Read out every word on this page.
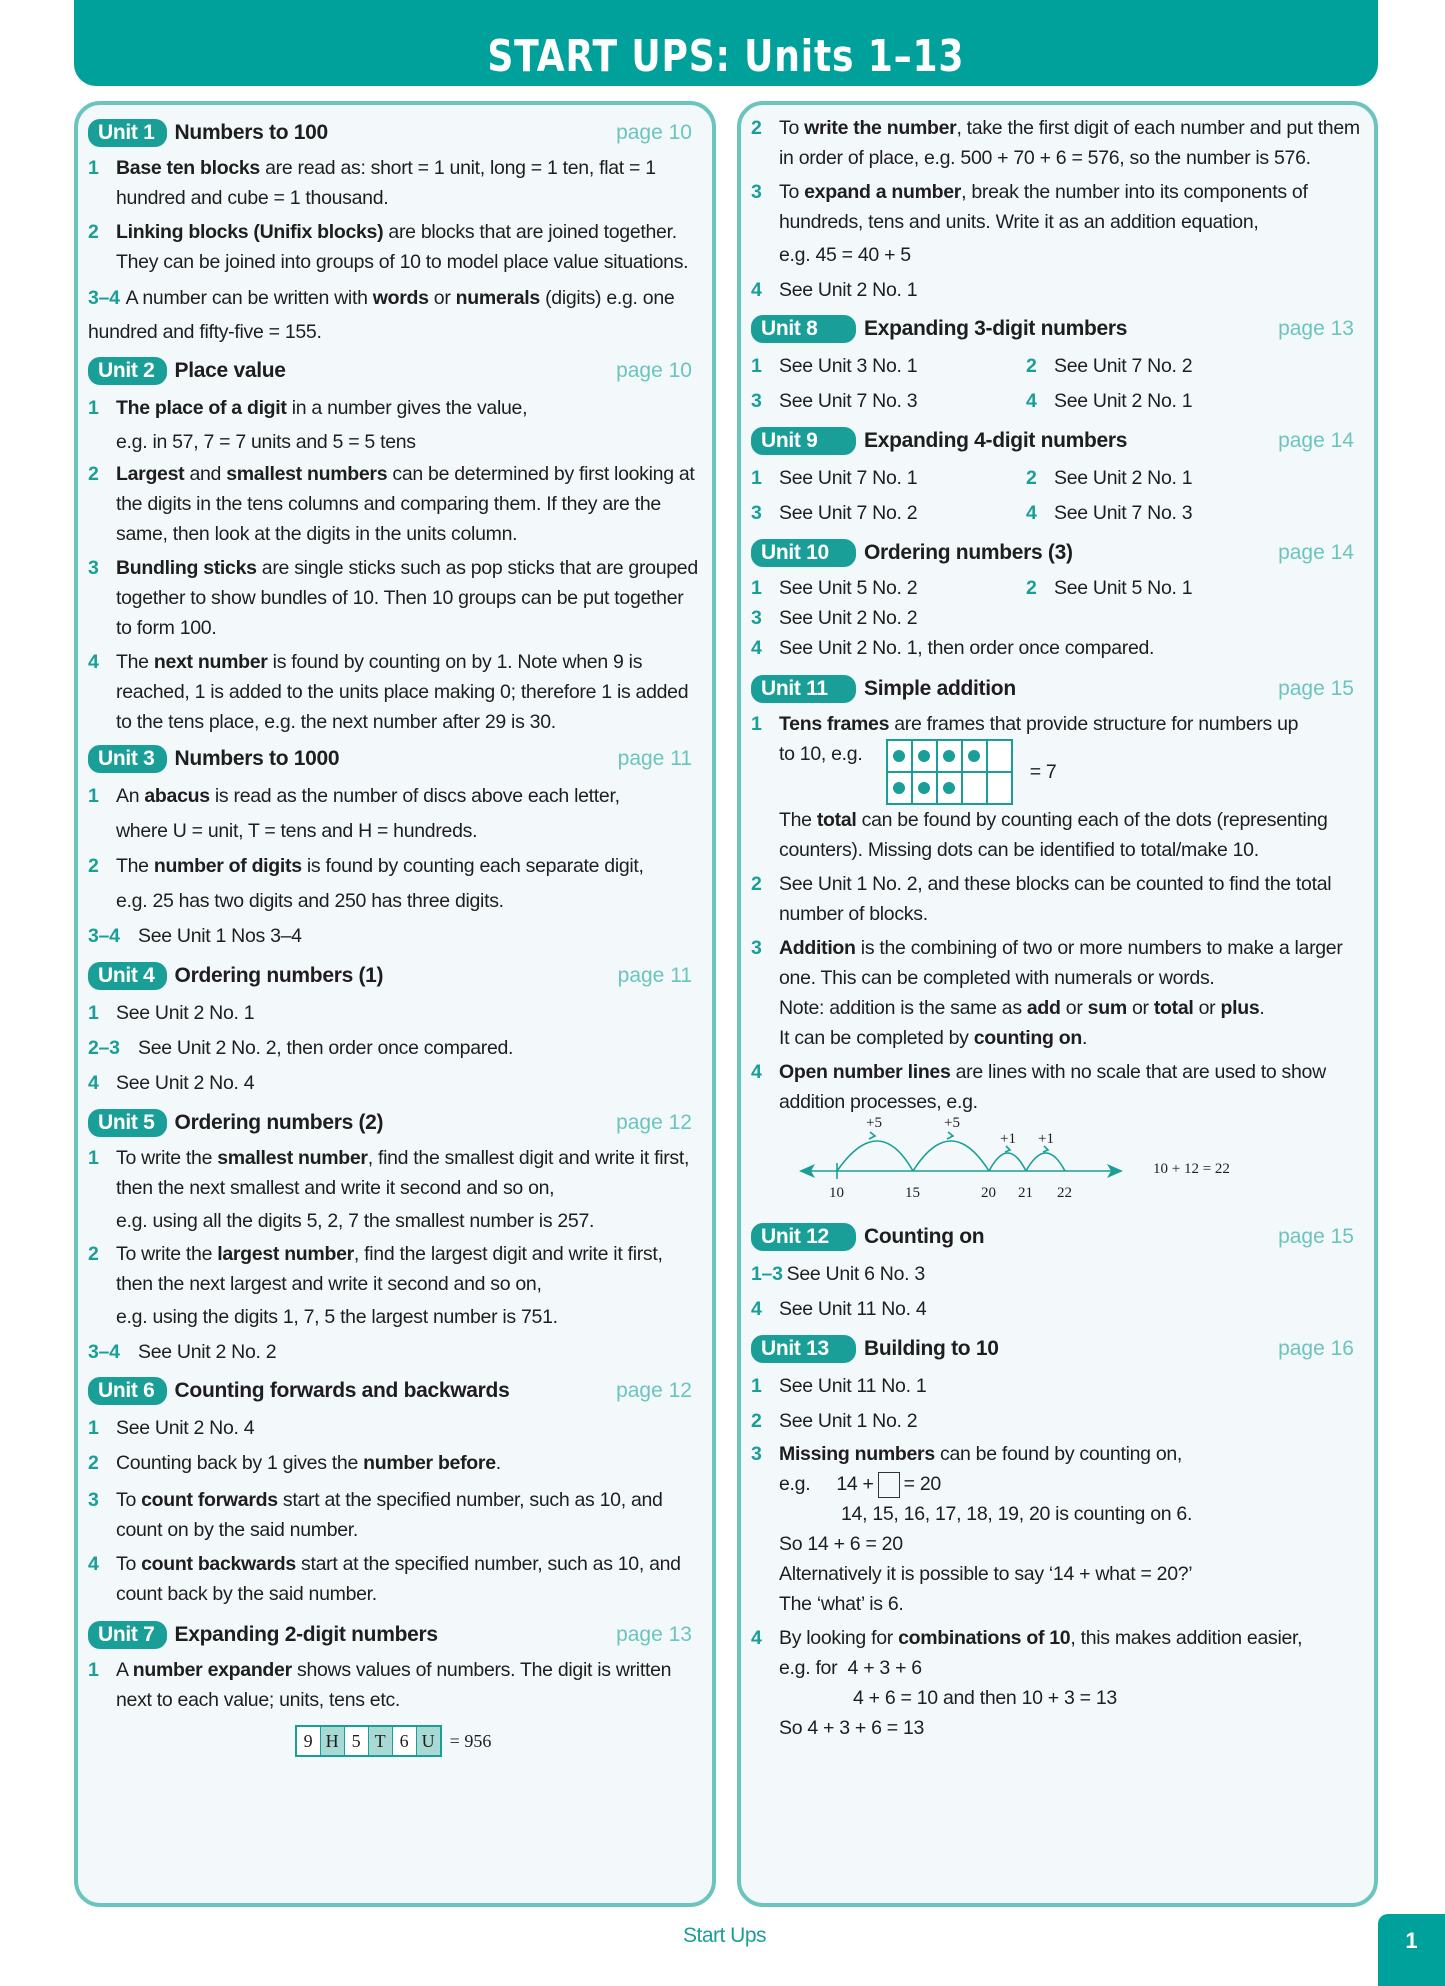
START UPS: Units 1–13
Unit 1 Numbers to 100	page 10
1 Base ten blocks are read as: short = 1 unit, long = 1 ten, flat = 1 hundred and cube = 1 thousand.
2 Linking blocks (Unifix blocks) are blocks that are joined together. They can be joined into groups of 10 to model place value situations.
3–4 A number can be written with words or numerals (digits) e.g. one hundred and fifty-five = 155.
Unit 2 Place value	page 10
1 The place of a digit in a number gives the value,
e.g. in 57, 7 = 7 units and 5 = 5 tens
2 Largest and smallest numbers can be determined by first looking at the digits in the tens columns and comparing them. If they are the same, then look at the digits in the units column.
3 Bundling sticks are single sticks such as pop sticks that are grouped together to show bundles of 10. Then 10 groups can be put together to form 100.
4 The next number is found by counting on by 1. Note when 9 is reached, 1 is added to the units place making 0; therefore 1 is added to the tens place, e.g. the next number after 29 is 30.
Unit 3 Numbers to 1000	page 11
1 An abacus is read as the number of discs above each letter,
where U = unit, T = tens and H = hundreds.
2 The number of digits is found by counting each separate digit,
e.g. 25 has two digits and 250 has three digits.
3–4 See Unit 1 Nos 3–4
Unit 4 Ordering numbers (1)	page 11
1 See Unit 2 No. 1
2–3 See Unit 2 No. 2, then order once compared.
4 See Unit 2 No. 4
Unit 5 Ordering numbers (2)	page 12
1 To write the smallest number, find the smallest digit and write it first, then the next smallest and write it second and so on,
e.g. using all the digits 5, 2, 7 the smallest number is 257.
2 To write the largest number, find the largest digit and write it first, then the next largest and write it second and so on,
e.g. using the digits 1, 7, 5 the largest number is 751.
3–4 See Unit 2 No. 2
Unit 6 Counting forwards and backwards	page 12
1 See Unit 2 No. 4
2 Counting back by 1 gives the number before.
3 To count forwards start at the specified number, such as 10, and count on by the said number.
4 To count backwards start at the specified number, such as 10, and count back by the said number.
Unit 7 Expanding 2-digit numbers	page 13
1 A number expander shows values of numbers. The digit is written next to each value; units, tens etc.
9 H 5 T 6 U = 956
2 To write the number, take the first digit of each number and put them in order of place, e.g. 500 + 70 + 6 = 576, so the number is 576.
3 To expand a number, break the number into its components of hundreds, tens and units. Write it as an addition equation,
e.g. 45 = 40 + 5
4 See Unit 2 No. 1
Unit 8	Expanding 3-digit numbers	page 13
1 See Unit 3 No. 1	2 See Unit 7 No. 2
3 See Unit 7 No. 3	4 See Unit 2 No. 1
Unit 9	Expanding 4-digit numbers	page 14
1 See Unit 7 No. 1	2 See Unit 2 No. 1
3 See Unit 7 No. 2	4 See Unit 7 No. 3
Unit 10	Ordering numbers (3)	page 14
1 See Unit 5 No. 2	2 See Unit 5 No. 1
3 See Unit 2 No. 2
4 See Unit 2 No. 1, then order once compared.
Unit 11	Simple addition	page 15
1 Tens frames are frames that provide structure for numbers up
to 10, e.g.
= 7
The total can be found by counting each of the dots (representing counters). Missing dots can be identified to total/make 10.
2 See Unit 1 No. 2, and these blocks can be counted to find the total number of blocks.
3 Addition is the combining of two or more numbers to make a larger one. This can be completed with numerals or words.
Note: addition is the same as add or sum or total or plus.
It can be completed by counting on.
4 Open number lines are lines with no scale that are used to show addition processes, e.g.
+5	+5
+1 +1
10	15	20 21 22
10 + 12 = 22
Unit 12	Counting on	page 15
1–3 See Unit 6 No. 3
4 See Unit 11 No. 4
Unit 13	Building to 10	page 16
1 See Unit 11 No. 1
2 See Unit 1 No. 2
3 Missing numbers can be found by counting on,
e.g. 14 + = 20
14, 15, 16, 17, 18, 19, 20 is counting on 6.
So 14 + 6 = 20
Alternatively it is possible to say ‘14 + what = 20?’
The ‘what’ is 6.
4 By looking for combinations of 10, this makes addition easier,
e.g. for  4 + 3 + 6
4 + 6 = 10 and then 10 + 3 = 13
So 4 + 3 + 6 = 13
Start Ups	1
